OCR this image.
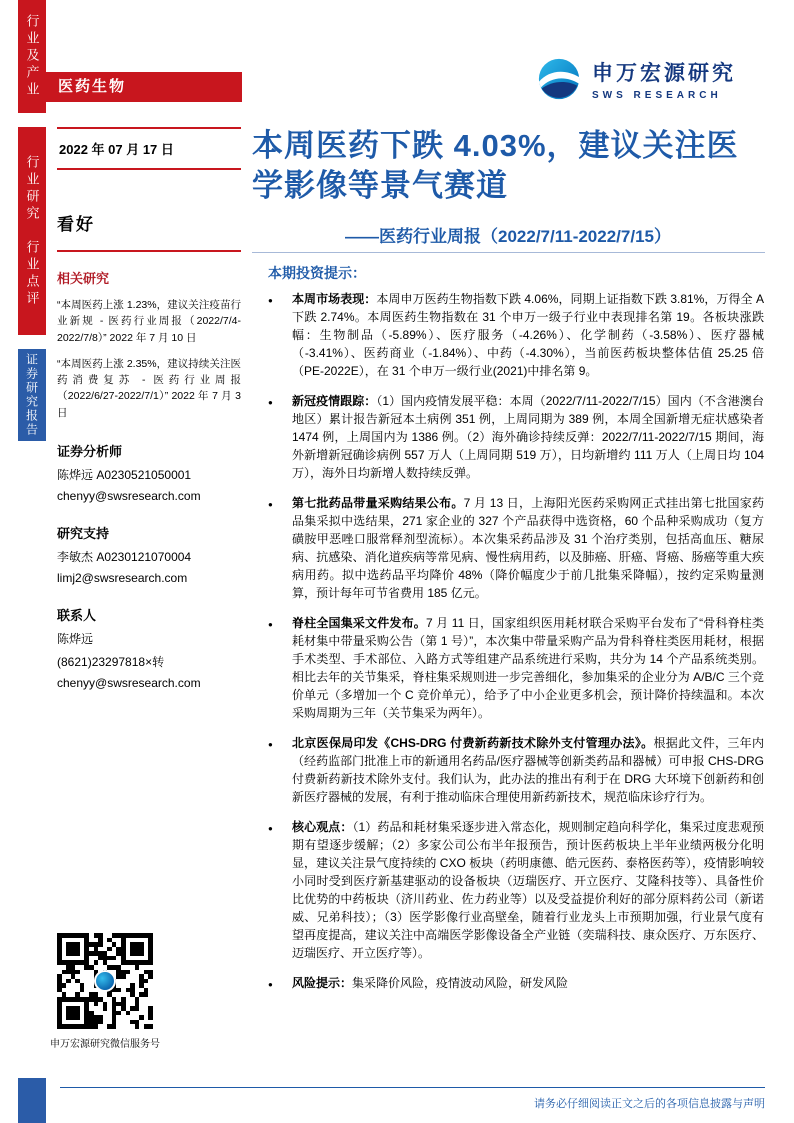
行业及产业
行业研究　行业点评
证券研究报告
医药生物
2022 年 07 月 17 日
看好
相关研究

“本周医药上涨 1.23%，建议关注疫苗行业新规 - 医药行业周报（2022/7/4-2022/7/8）” 2022 年 7 月 10 日

“本周医药上涨 2.35%，建议持续关注医药消费复苏 - 医药行业周报（2022/6/27-2022/7/1）” 2022 年 7 月 3 日

证券分析师
陈烨远 A0230521050001
chenyy@swsresearch.com
研究支持
李敏杰 A0230121070004
limj2@swsresearch.com
联系人
陈烨远
(8621)23297818×转
chenyy@swsresearch.com
申万宏源研究微信服务号
申万宏源研究
SWS RESEARCH
本周医药下跌 4.03%，建议关注医学影像等景气赛道
——医药行业周报（2022/7/11-2022/7/15）
本期投资提示：
●	本周市场表现：本周申万医药生物指数下跌 4.06%，同期上证指数下跌 3.81%，万得全 A 下跌 2.74%。本周医药生物指数在 31 个申万一级子行业中表现排名第 19。各板块涨跌幅：生物制品（-5.89%）、医疗服务（-4.26%）、化学制药（-3.58%）、医疗器械（-3.41%）、医药商业（-1.84%）、中药（-4.30%），当前医药板块整体估值 25.25 倍（PE-2022E），在 31 个申万一级行业(2021)中排名第 9。
●	新冠疫情跟踪：（1）国内疫情发展平稳：本周（2022/7/11-2022/7/15）国内（不含港澳台地区）累计报告新冠本土病例 351 例，上周同期为 389 例，本周全国新增无症状感染者 1474 例，上周国内为 1386 例。（2）海外确诊持续反弹：2022/7/11-2022/7/15 期间，海外新增新冠确诊病例 557 万人（上周同期 519 万），日均新增约 111 万人（上周日均 104 万），海外日均新增人数持续反弹。
●	第七批药品带量采购结果公布。7 月 13 日，上海阳光医药采购网正式挂出第七批国家药品集采拟中选结果，271 家企业的 327 个产品获得中选资格，60 个品种采购成功（复方磺胺甲恶唑口服常释剂型流标）。本次集采药品涉及 31 个治疗类别，包括高血压、糖尿病、抗感染、消化道疾病等常见病、慢性病用药，以及肺癌、肝癌、肾癌、肠癌等重大疾病用药。拟中选药品平均降价 48%（降价幅度少于前几批集采降幅），按约定采购量测算，预计每年可节省费用 185 亿元。
●	脊柱全国集采文件发布。7 月 11 日，国家组织医用耗材联合采购平台发布了“骨科脊柱类耗材集中带量采购公告（第 1 号）”，本次集中带量采购产品为骨科脊柱类医用耗材，根据手术类型、手术部位、入路方式等组建产品系统进行采购，共分为 14 个产品系统类别。相比去年的关节集采，脊柱集采规则进一步完善细化，参加集采的企业分为 A/B/C 三个竞价单元（多增加一个 C 竞价单元），给予了中小企业更多机会，预计降价持续温和。本次采购周期为三年（关节集采为两年）。
●	北京医保局印发《CHS-DRG 付费新药新技术除外支付管理办法》。根据此文件，三年内（经药监部门批准上市的新通用名药品/医疗器械等创新类药品和器械）可申报 CHS-DRG 付费新药新技术除外支付。我们认为，此办法的推出有利于在 DRG 大环境下创新药和创新医疗器械的发展，有利于推动临床合理使用新药新技术，规范临床诊疗行为。
●	核心观点：（1）药品和耗材集采逐步进入常态化，规则制定趋向科学化，集采过度悲观预期有望逐步缓解；（2）多家公司公布半年报预告，预计医药板块上半年业绩两极分化明显，建议关注景气度持续的 CXO 板块（药明康德、皓元医药、泰格医药等），疫情影响较小同时受到医疗新基建驱动的设备板块（迈瑞医疗、开立医疗、艾隆科技等）、具备性价比优势的中药板块（济川药业、佐力药业等）以及受益提价利好的部分原料药公司（新诺威、兄弟科技）；（3）医学影像行业高壁垒，随着行业龙头上市预期加强，行业景气度有望再度提高，建议关注中高端医学影像设备全产业链（奕瑞科技、康众医疗、万东医疗、迈瑞医疗、开立医疗等）。
●	风险提示：集采降价风险，疫情波动风险，研发风险
请务必仔细阅读正文之后的各项信息披露与声明
